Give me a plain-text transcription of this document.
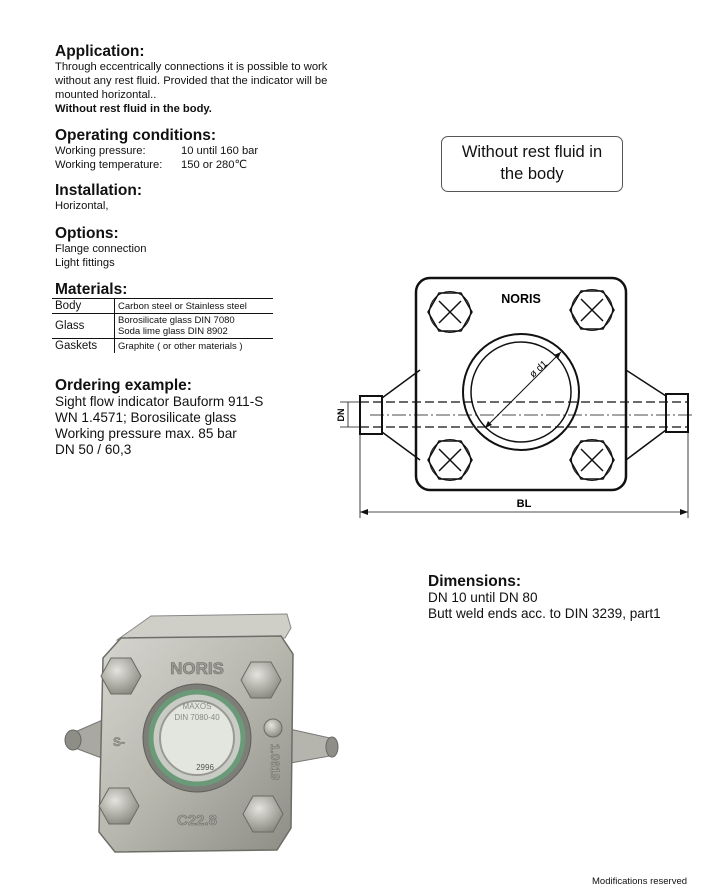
Application:
Through eccentrically connections it is possible to work
without any rest fluid. Provided that the indicator will be
mounted horizontal..
Without rest fluid in the body.
Operating conditions:
Working pressure:	10 until 160 bar
Working temperature: 150 or 280℃
Installation:
Horizontal,
Options:
Flange connection
Light fittings
Materials:
Body	Carbon steel or Stainless steel
Glass	Borosilicate glass DIN 7080
Soda lime glass DIN 8902

Gaskets	Graphite ( or other materials )
Ordering example:
Sight flow indicator Bauform 911-S
WN 1.4571; Borosilicate glass
Working pressure max. 85 bar
DN 50 / 60,3
Without rest fluid in
the body
ø d1
NORIS
DN
BL
Dimensions:
DN 10 until DN 80
Butt weld ends acc. to DIN 3239, part1
MAXOS
DIN 7080-40
2996
NORIS
C22.8
1.0619
S-
Modifications reserved
